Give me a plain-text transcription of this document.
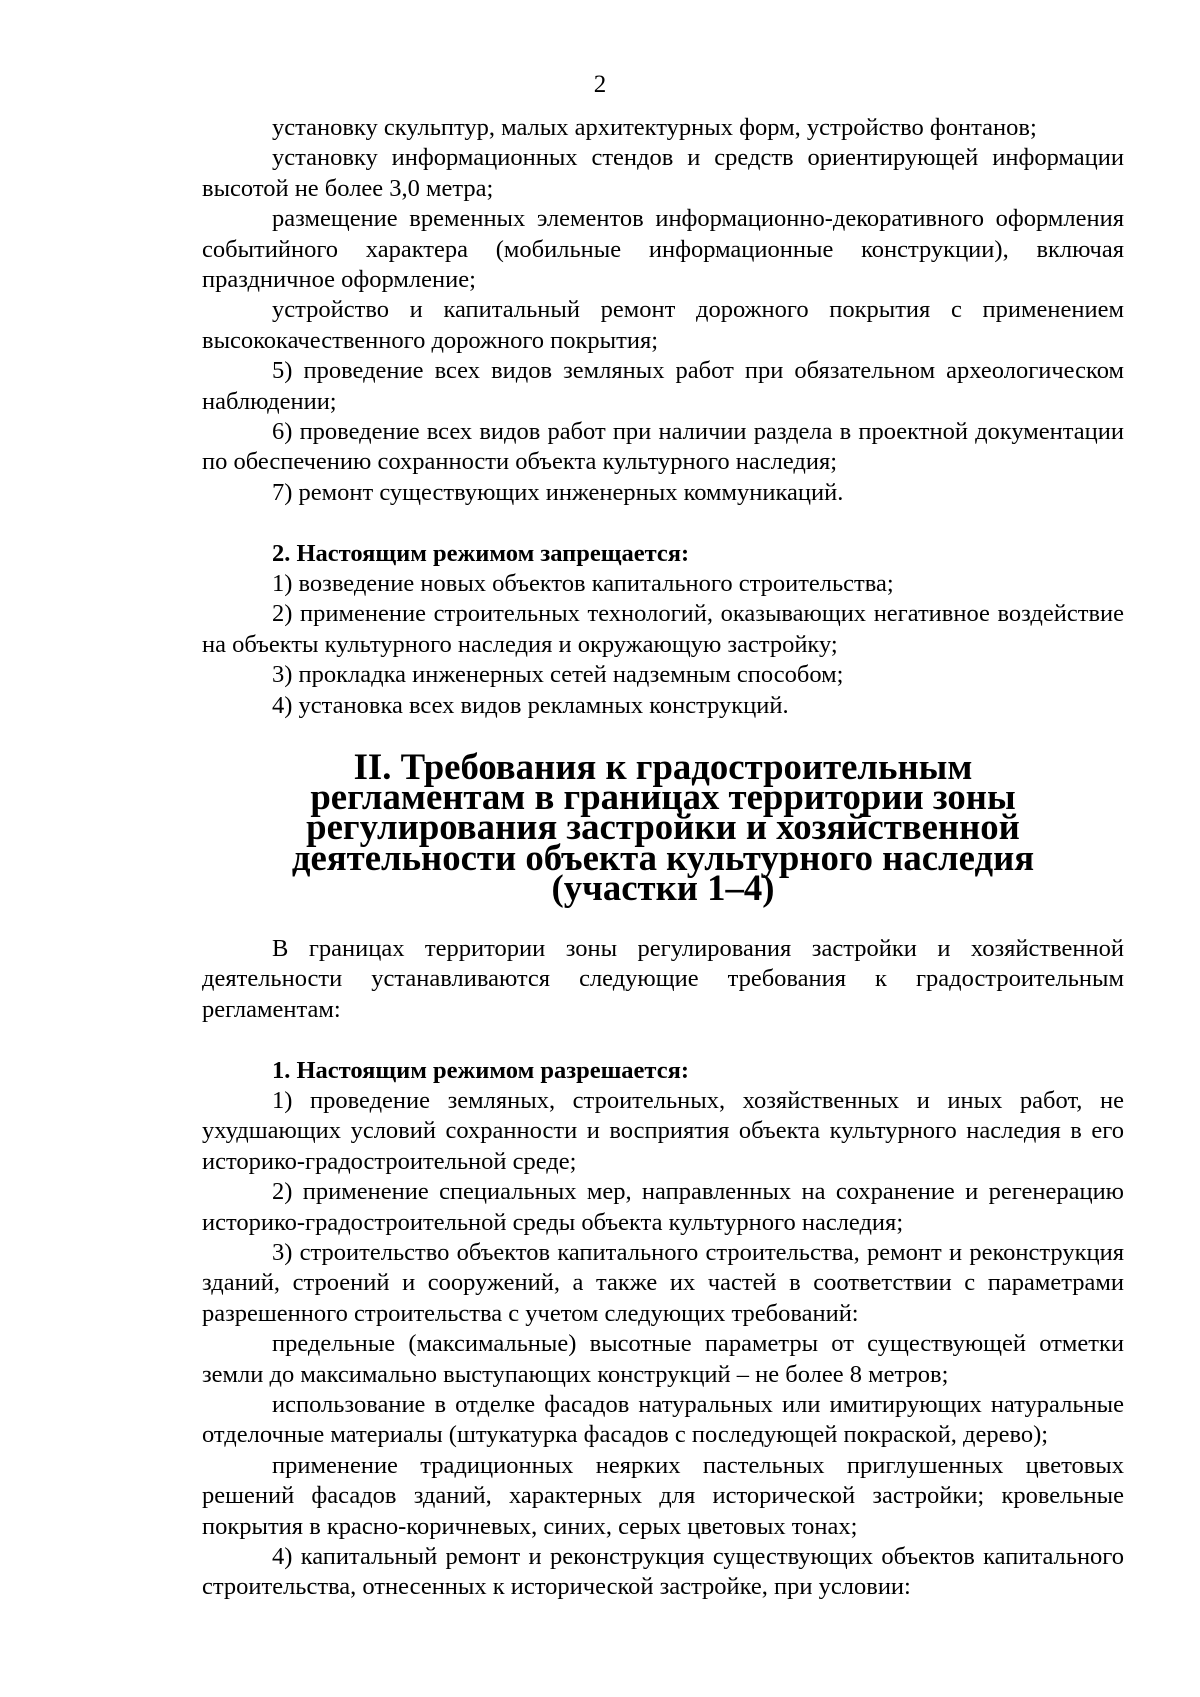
2

установку скульптур, малых архитектурных форм, устройство фонтанов;

установку информационных стендов и средств ориентирующей информации высотой не более 3,0 метра;

размещение временных элементов информационно-декоративного оформления событийного характера (мобильные информационные конструкции), включая праздничное оформление;

устройство и капитальный ремонт дорожного покрытия с применением высококачественного дорожного покрытия;

5) проведение всех видов земляных работ при обязательном археологическом наблюдении;

6) проведение всех видов работ при наличии раздела в проектной документации по обеспечению сохранности объекта культурного наследия;

7) ремонт существующих инженерных коммуникаций.

2. Настоящим режимом запрещается:

1) возведение новых объектов капитального строительства;

2) применение строительных технологий, оказывающих негативное воздействие на объекты культурного наследия и окружающую застройку;

3) прокладка инженерных сетей надземным способом;

4) установка всех видов рекламных конструкций.

II. Требования к градостроительным регламентам в границах территории зоны регулирования застройки и хозяйственной деятельности объекта культурного наследия (участки 1–4)

В границах территории зоны регулирования застройки и хозяйственной деятельности устанавливаются следующие требования к градостроительным регламентам:

1. Настоящим режимом разрешается:

1) проведение земляных, строительных, хозяйственных и иных работ, не ухудшающих условий сохранности и восприятия объекта культурного наследия в его историко-градостроительной среде;

2) применение специальных мер, направленных на сохранение и регенерацию историко-градостроительной среды объекта культурного наследия;

3) строительство объектов капитального строительства, ремонт и реконструкция зданий, строений и сооружений, а также их частей в соответствии с параметрами разрешенного строительства с учетом следующих требований:

предельные (максимальные) высотные параметры от существующей отметки земли до максимально выступающих конструкций – не более 8 метров;

использование в отделке фасадов натуральных или имитирующих натуральные отделочные материалы (штукатурка фасадов с последующей покраской, дерево);

применение традиционных неярких пастельных приглушенных цветовых решений фасадов зданий, характерных для исторической застройки; кровельные покрытия в красно-коричневых, синих, серых цветовых тонах;

4) капитальный ремонт и реконструкция существующих объектов капитального строительства, отнесенных к исторической застройке, при условии:
